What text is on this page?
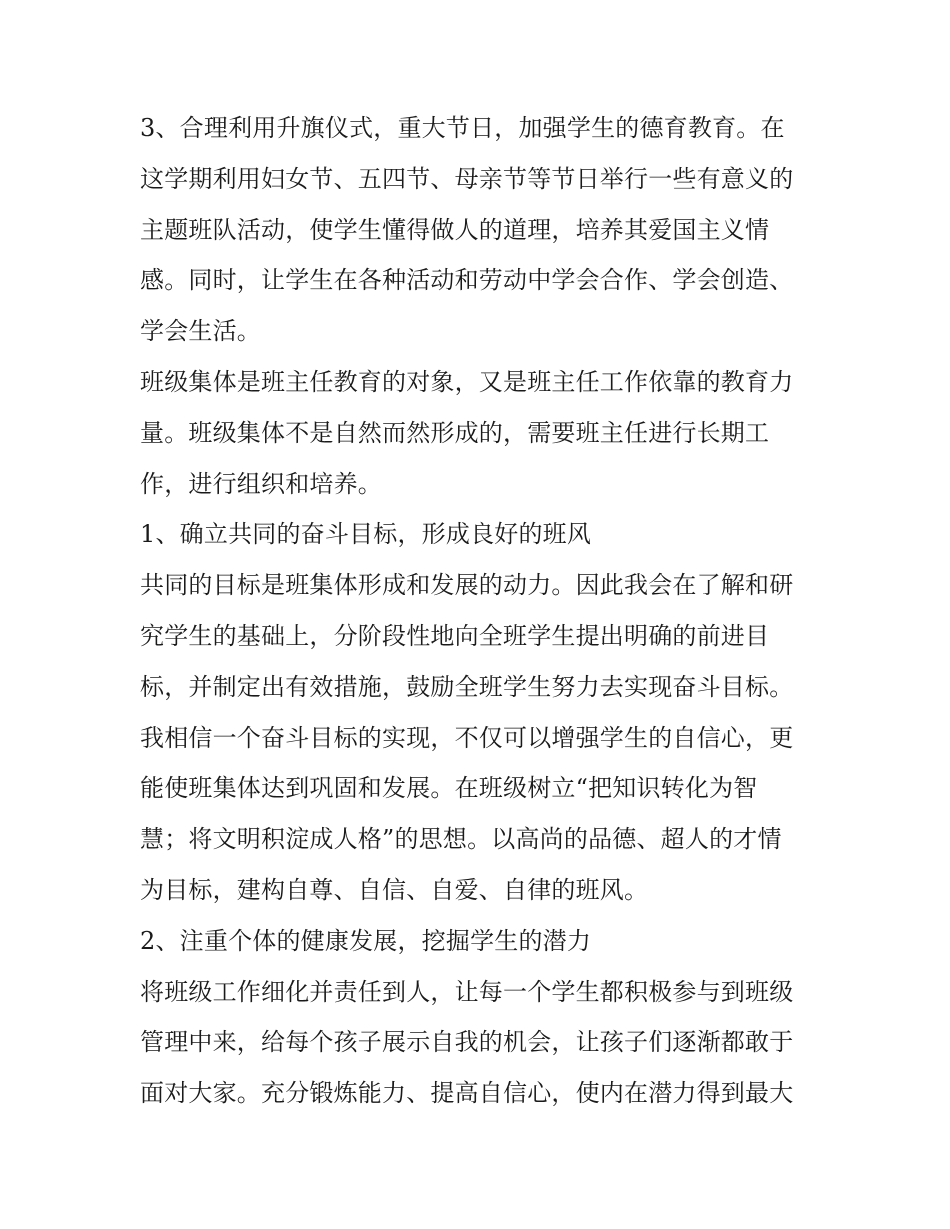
3、合理利用升旗仪式，重大节日，加强学生的德育教育。在
这学期利用妇女节、五四节、母亲节等节日举行一些有意义的
主题班队活动，使学生懂得做人的道理，培养其爱国主义情
感。同时，让学生在各种活动和劳动中学会合作、学会创造、
学会生活。
班级集体是班主任教育的对象，又是班主任工作依靠的教育力
量。班级集体不是自然而然形成的，需要班主任进行长期工
作，进行组织和培养。
1、确立共同的奋斗目标，形成良好的班风
共同的目标是班集体形成和发展的动力。因此我会在了解和研
究学生的基础上，分阶段性地向全班学生提出明确的前进目
标，并制定出有效措施，鼓励全班学生努力去实现奋斗目标。
我相信一个奋斗目标的实现，不仅可以增强学生的自信心，更
能使班集体达到巩固和发展。在班级树立“把知识转化为智
慧；将文明积淀成人格”的思想。以高尚的品德、超人的才情
为目标，建构自尊、自信、自爱、自律的班风。
2、注重个体的健康发展，挖掘学生的潜力
将班级工作细化并责任到人，让每一个学生都积极参与到班级
管理中来，给每个孩子展示自我的机会，让孩子们逐渐都敢于
面对大家。充分锻炼能力、提高自信心，使内在潜力得到最大
